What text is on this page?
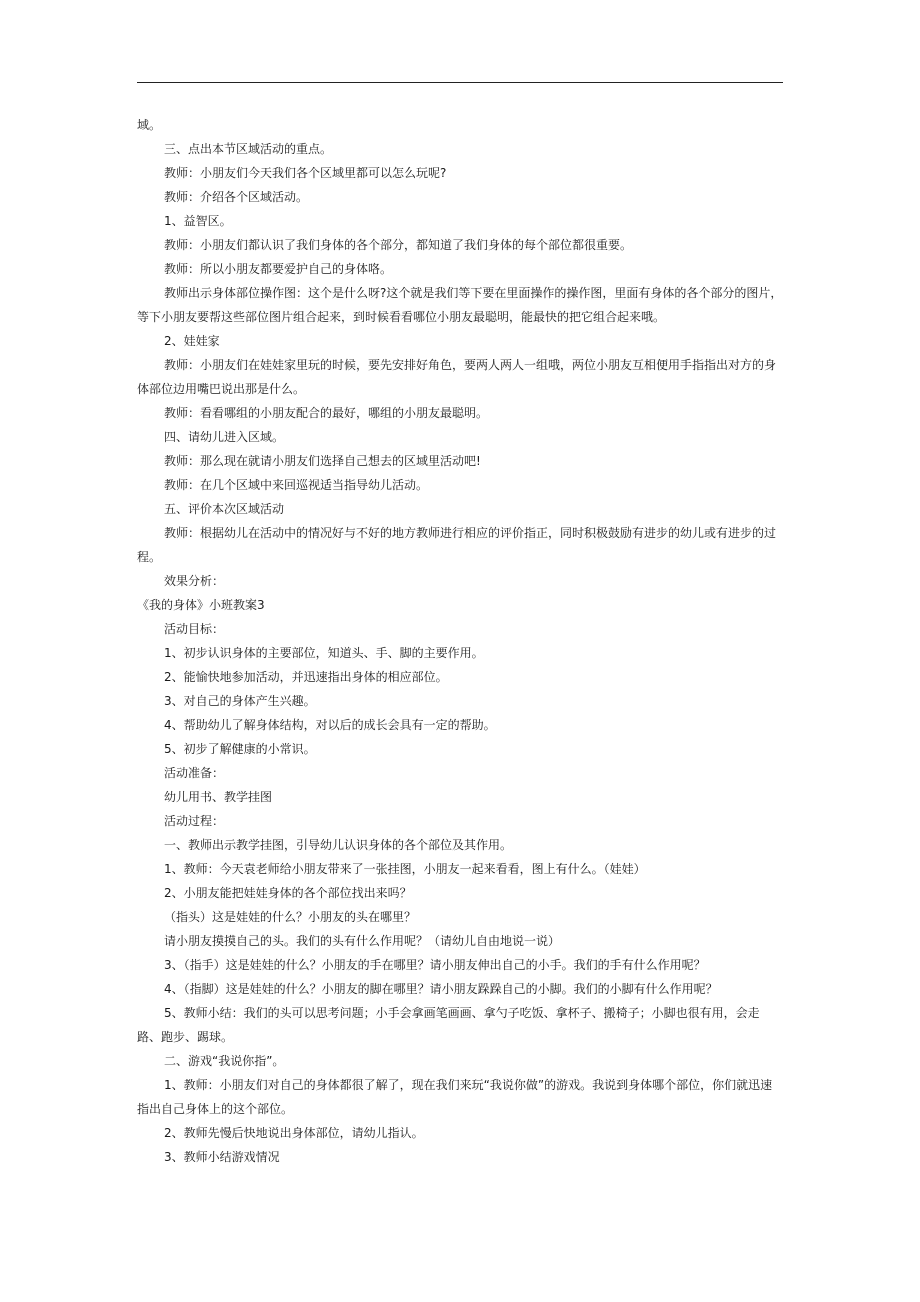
域。

三、点出本节区域活动的重点。

教师：小朋友们今天我们各个区域里都可以怎么玩呢?

教师：介绍各个区域活动。

1、益智区。

教师：小朋友们都认识了我们身体的各个部分，都知道了我们身体的每个部位都很重要。

教师：所以小朋友都要爱护自己的身体咯。

教师出示身体部位操作图：这个是什么呀?这个就是我们等下要在里面操作的操作图，里面有身体的各个部分的图片，等下小朋友要帮这些部位图片组合起来，到时候看看哪位小朋友最聪明，能最快的把它组合起来哦。

2、娃娃家

教师：小朋友们在娃娃家里玩的时候，要先安排好角色，要两人两人一组哦，两位小朋友互相便用手指指出对方的身体部位边用嘴巴说出那是什么。

教师：看看哪组的小朋友配合的最好，哪组的小朋友最聪明。

四、请幼儿进入区域。

教师：那么现在就请小朋友们选择自己想去的区域里活动吧!

教师：在几个区域中来回巡视适当指导幼儿活动。

五、评价本次区域活动

教师：根据幼儿在活动中的情况好与不好的地方教师进行相应的评价指正，同时积极鼓励有进步的幼儿或有进步的过程。

效果分析：

《我的身体》小班教案3

活动目标：

1、初步认识身体的主要部位，知道头、手、脚的主要作用。

2、能愉快地参加活动，并迅速指出身体的相应部位。

3、对自己的身体产生兴趣。

4、帮助幼儿了解身体结构，对以后的成长会具有一定的帮助。

5、初步了解健康的小常识。

活动准备：

幼儿用书、教学挂图

活动过程：

一、教师出示教学挂图，引导幼儿认识身体的各个部位及其作用。

1、教师：今天袁老师给小朋友带来了一张挂图，小朋友一起来看看，图上有什么。（娃娃）

2、小朋友能把娃娃身体的各个部位找出来吗？

（指头）这是娃娃的什么？小朋友的头在哪里？

请小朋友摸摸自己的头。我们的头有什么作用呢？（请幼儿自由地说一说）

3、（指手）这是娃娃的什么？小朋友的手在哪里？请小朋友伸出自己的小手。我们的手有什么作用呢？

4、（指脚）这是娃娃的什么？小朋友的脚在哪里？请小朋友跺跺自己的小脚。我们的小脚有什么作用呢？

5、教师小结：我们的头可以思考问题；小手会拿画笔画画、拿勺子吃饭、拿杯子、搬椅子；小脚也很有用，会走路、跑步、踢球。

二、游戏“我说你指”。

1、教师：小朋友们对自己的身体都很了解了，现在我们来玩“我说你做”的游戏。我说到身体哪个部位，你们就迅速指出自己身体上的这个部位。

2、教师先慢后快地说出身体部位，请幼儿指认。

3、教师小结游戏情况
